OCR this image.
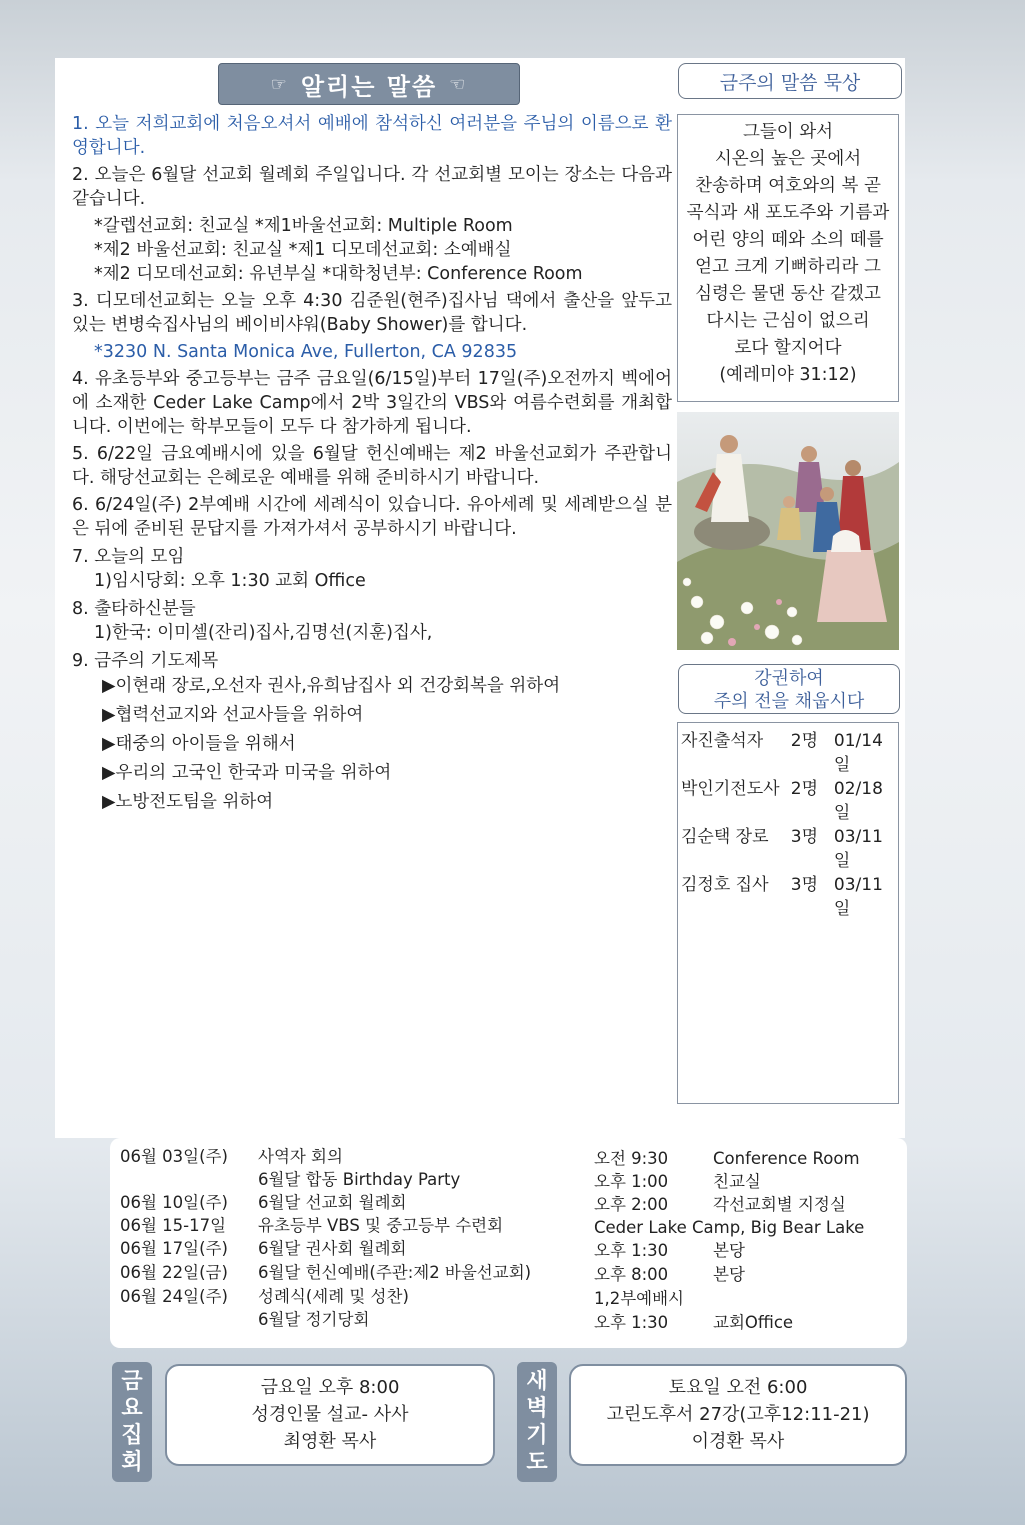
☞ 알리는 말씀 ☜

1. 오늘 저희교회에 처음오셔서 예배에 참석하신 여러분을 주님의 이름으로 환영합니다.

2. 오늘은 6월달 선교회 월례회 주일입니다. 각 선교회별 모이는 장소는 다음과 같습니다.

*갈렙선교회: 친교실 *제1바울선교회: Multiple Room

*제2 바울선교회: 친교실 *제1 디모데선교회: 소예배실

*제2 디모데선교회: 유년부실 *대학청년부: Conference Room

3. 디모데선교회는 오늘 오후 4:30 김준원(현주)집사님 댁에서 출산을 앞두고 있는 변병숙집사님의 베이비샤워(Baby Shower)를 합니다.

*3230 N. Santa Monica Ave, Fullerton, CA 92835

4. 유초등부와 중고등부는 금주 금요일(6/15일)부터 17일(주)오전까지 벡에어에 소재한 Ceder Lake Camp에서 2박 3일간의 VBS와 여름수련회를 개최합니다. 이번에는 학부모들이 모두 다 참가하게 됩니다.

5. 6/22일 금요예배시에 있을 6월달 헌신예배는 제2 바울선교회가 주관합니다. 해당선교회는 은혜로운 예배를 위해 준비하시기 바랍니다.

6. 6/24일(주) 2부예배 시간에 세례식이 있습니다. 유아세례 및 세례받으실 분은 뒤에 준비된 문답지를 가져가셔서 공부하시기 바랍니다.

7. 오늘의 모임

1)임시당회: 오후 1:30 교회 Office

8. 출타하신분들

1)한국: 이미셀(잔리)집사,김명선(지훈)집사,

9. 금주의 기도제목

▶이현래 장로,오선자 권사,유희남집사 외 건강회복을 위하여

▶협력선교지와 선교사들을 위하여

▶태중의 아이들을 위해서

▶우리의 고국인 한국과 미국을 위하여

▶노방전도팀을 위하여

금주의 말씀 묵상
그들이 와서
시온의 높은 곳에서
찬송하며 여호와의 복 곧
곡식과 새 포도주와 기름과
어린 양의 떼와 소의 떼를
얻고 크게 기뻐하리라 그
심령은 물댄 동산 같겠고
다시는 근심이 없으리
로다 할지어다
(예레미야 31:12)
강권하여
주의 전을 채웁시다
자진출석자	2명 01/14일
박인기전도사 2명 02/18일
김순택 장로	3명 03/11일
김정호 집사	3명 03/11일
06월 03일(주) 사역자 회의	오전 9:30	Conference Room
6월달 합동 Birthday Party	오후 1:00	친교실
06월 10일(주) 6월달 선교회 월례회	오후 2:00	각선교회별 지정실
06월 15-17일 유초등부 VBS 및 중고등부 수련회	Ceder Lake Camp, Big Bear Lake
06월 17일(주) 6월달 권사회 월례회	오후 1:30	본당
06월 22일(금) 6월달 헌신예배(주관:제2 바울선교회)	오후 8:00	본당
06월 24일(주) 성례식(세례 및 성찬)	1,2부예배시
6월달 정기당회	오후 1:30	교회Office
금
요
집
회
금요일 오후 8:00
성경인물 설교- 사사
최영환 목사
새
벽
기
도
토요일 오전 6:00
고린도후서 27강(고후12:11-21)
이경환 목사
